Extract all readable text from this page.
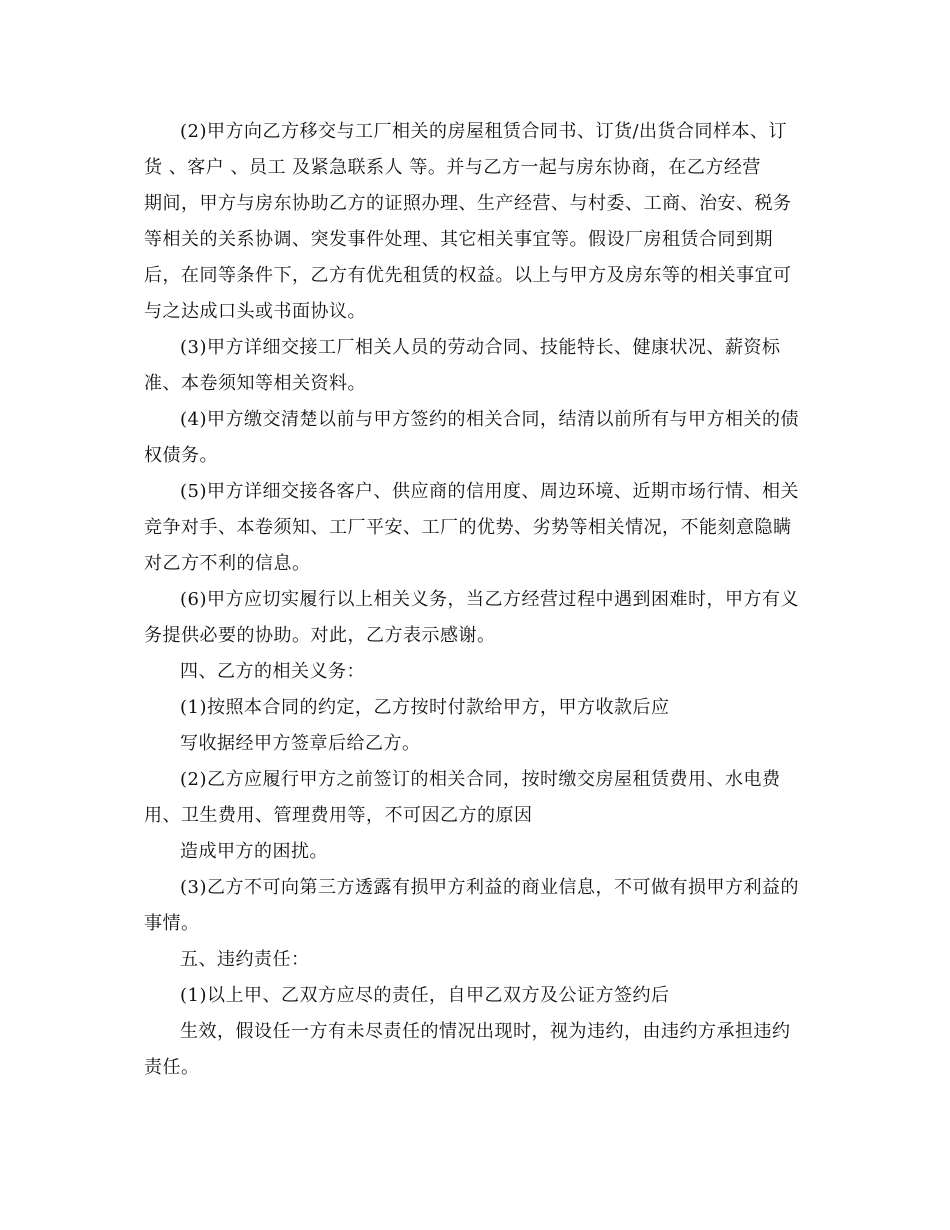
(2)甲方向乙方移交与工厂相关的房屋租赁合同书、订货/出货合同样本、订
货 、客户 、员工 及紧急联系人 等。并与乙方一起与房东协商，在乙方经营
期间，甲方与房东协助乙方的证照办理、生产经营、与村委、工商、治安、税务
等相关的关系协调、突发事件处理、其它相关事宜等。假设厂房租赁合同到期
后，在同等条件下，乙方有优先租赁的权益。以上与甲方及房东等的相关事宜可
与之达成口头或书面协议。
(3)甲方详细交接工厂相关人员的劳动合同、技能特长、健康状况、薪资标
准、本卷须知等相关资料。
(4)甲方缴交清楚以前与甲方签约的相关合同，结清以前所有与甲方相关的债
权债务。
(5)甲方详细交接各客户、供应商的信用度、周边环境、近期市场行情、相关
竞争对手、本卷须知、工厂平安、工厂的优势、劣势等相关情况，不能刻意隐瞒
对乙方不利的信息。
(6)甲方应切实履行以上相关义务，当乙方经营过程中遇到困难时，甲方有义
务提供必要的协助。对此，乙方表示感谢。
四、乙方的相关义务：
(1)按照本合同的约定，乙方按时付款给甲方，甲方收款后应
写收据经甲方签章后给乙方。
(2)乙方应履行甲方之前签订的相关合同，按时缴交房屋租赁费用、水电费
用、卫生费用、管理费用等，不可因乙方的原因
造成甲方的困扰。
(3)乙方不可向第三方透露有损甲方利益的商业信息，不可做有损甲方利益的
事情。
五、违约责任：
(1)以上甲、乙双方应尽的责任，自甲乙双方及公证方签约后
生效，假设任一方有未尽责任的情况出现时，视为违约，由违约方承担违约
责任。
